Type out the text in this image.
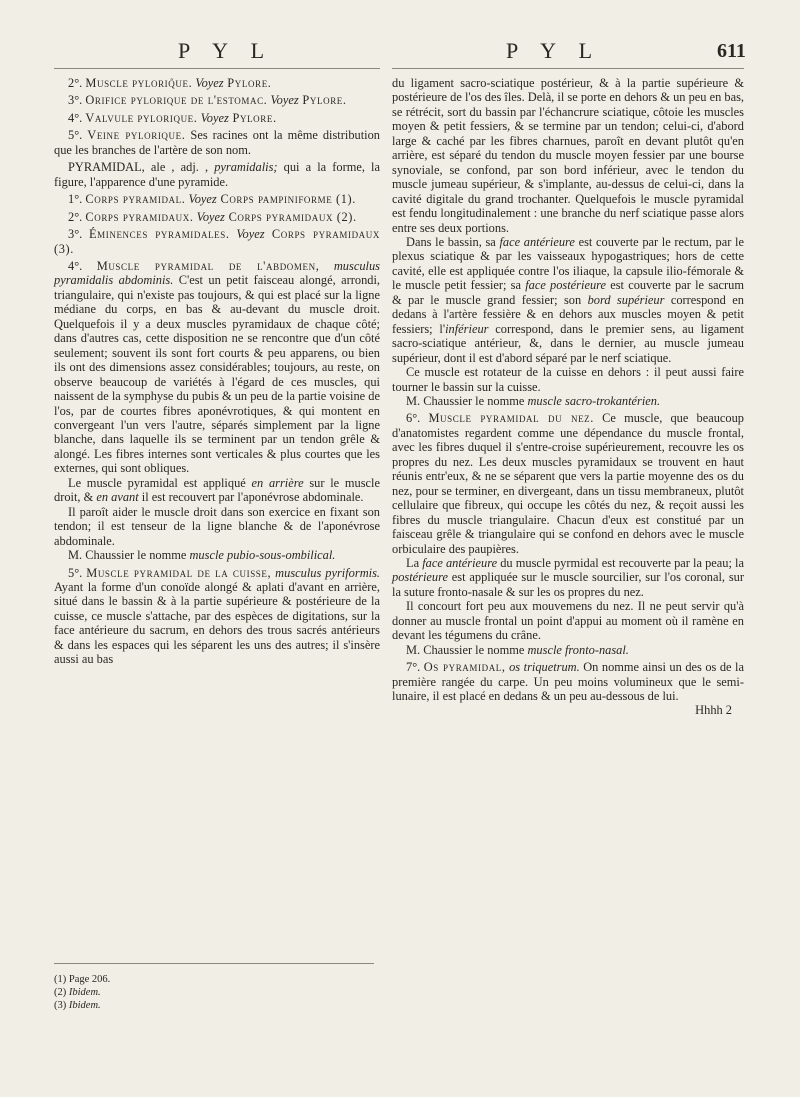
P Y L	P Y L	611

2°. Muscle pyloriq̃ue. Voyez Pylore.

3°. Orifice pylorique de l'estomac. Voyez Pylore.

4°. Valvule pylorique. Voyez Pylore.

5°. Veine pylorique. Ses racines ont la même distribution que les branches de l'artère de son nom.

PYRAMIDAL, ale , adj. , pyramidalis; qui a la forme, la figure, l'apparence d'une pyramide.

1°. Corps pyramidal. Voyez Corps pampiniforme (1).

2°. Corps pyramidaux. Voyez Corps pyramidaux (2).

3°. Éminences pyramidales. Voyez Corps pyramidaux (3).

4°. Muscle pyramidal de l'abdomen, musculus pyramidalis abdominis. C'est un petit faisceau alongé, arrondi, triangulaire, qui n'existe pas toujours, & qui est placé sur la ligne médiane du corps, en bas & au-devant du muscle droit. Quelquefois il y a deux muscles pyramidaux de chaque côté; dans d'autres cas, cette disposition ne se rencontre que d'un côté seulement; souvent ils sont fort courts & peu apparens, ou bien ils ont des dimensions assez considérables; toujours, au reste, on observe beaucoup de variétés à l'égard de ces muscles, qui naissent de la symphyse du pubis & un peu de la partie voisine de l'os, par de courtes fibres aponévrotiques, & qui montent en convergeant l'un vers l'autre, séparés simplement par la ligne blanche, dans laquelle ils se terminent par un tendon grêle & alongé. Les fibres internes sont verticales & plus courtes que les externes, qui sont obliques.

Le muscle pyramidal est appliqué en arrière sur le muscle droit, & en avant il est recouvert par l'aponévrose abdominale.

Il paroît aider le muscle droit dans son exercice en fixant son tendon; il est tenseur de la ligne blanche & de l'aponévrose abdominale.

M. Chaussier le nomme muscle pubio-sous-ombilical.

5°. Muscle pyramidal de la cuisse, musculus pyriformis. Ayant la forme d'un conoïde alongé & aplati d'avant en arrière, situé dans le bassin & à la partie supérieure & postérieure de la cuisse, ce muscle s'attache, par des espèces de digitations, sur la face antérieure du sacrum, en dehors des trous sacrés antérieurs & dans les espaces qui les séparent les uns des autres; il s'insère aussi au bas

(1) Page 206.

(2) Ibidem.

(3) Ibidem.

du ligament sacro-sciatique postérieur, & à la partie supérieure & postérieure de l'os des îles. Delà, il se porte en dehors & un peu en bas, se rétrécit, sort du bassin par l'échancrure sciatique, côtoie les muscles moyen & petit fessiers, & se termine par un tendon; celui-ci, d'abord large & caché par les fibres charnues, paroît en devant plutôt qu'en arrière, est séparé du tendon du muscle moyen fessier par une bourse synoviale, se confond, par son bord inférieur, avec le tendon du muscle jumeau supérieur, & s'implante, au-dessus de celui-ci, dans la cavité digitale du grand trochanter. Quelquefois le muscle pyramidal est fendu longitudinalement : une branche du nerf sciatique passe alors entre ses deux portions.

Dans le bassin, sa face antérieure est couverte par le rectum, par le plexus sciatique & par les vaisseaux hypogastriques; hors de cette cavité, elle est appliquée contre l'os iliaque, la capsule ilio-fémorale & le muscle petit fessier; sa face postérieure est couverte par le sacrum & par le muscle grand fessier; son bord supérieur correspond en dedans à l'artère fessière & en dehors aux muscles moyen & petit fessiers; l'inférieur correspond, dans le premier sens, au ligament sacro-sciatique antérieur, &, dans le dernier, au muscle jumeau supérieur, dont il est d'abord séparé par le nerf sciatique.

Ce muscle est rotateur de la cuisse en dehors : il peut aussi faire tourner le bassin sur la cuisse.

M. Chaussier le nomme muscle sacro-trokantérien.

6°. Muscle pyramidal du nez. Ce muscle, que beaucoup d'anatomistes regardent comme une dépendance du muscle frontal, avec les fibres duquel il s'entre-croise supérieurement, recouvre les os propres du nez. Les deux muscles pyramidaux se trouvent en haut réunis entr'eux, & ne se séparent que vers la partie moyenne des os du nez, pour se terminer, en divergeant, dans un tissu membraneux, plutôt cellulaire que fibreux, qui occupe les côtés du nez, & reçoit aussi les fibres du muscle triangulaire. Chacun d'eux est constitué par un faisceau grêle & triangulaire qui se confond en dehors avec le muscle orbiculaire des paupières.

La face antérieure du muscle pyrmidal est recouverte par la peau; la postérieure est appliquée sur le muscle sourcilier, sur l'os coronal, sur la suture fronto-nasale & sur les os propres du nez.

Il concourt fort peu aux mouvemens du nez. Il ne peut servir qu'à donner au muscle frontal un point d'appui au moment où il ramène en devant les tégumens du crâne.

M. Chaussier le nomme muscle fronto-nasal.

7°. Os pyramidal, os triquetrum. On nomme ainsi un des os de la première rangée du carpe. Un peu moins volumineux que le semi-lunaire, il est placé en dedans & un peu au-dessous de lui.

Hhhh 2
